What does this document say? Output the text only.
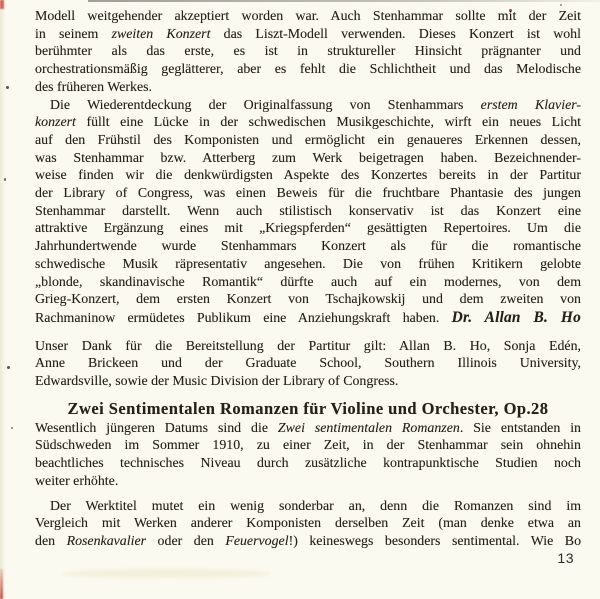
Modell weitgehender akzeptiert worden war. Auch Stenhammar sollte mit der Zeit
in seinem zweiten Konzert das Liszt-Modell verwenden. Dieses Konzert ist wohl
berühmter als das erste, es ist in struktureller Hinsicht prägnanter und
orchestrationsmäßig geglätterer, aber es fehlt die Schlichtheit und das Melodische
des früheren Werkes.
Die Wiederentdeckung der Originalfassung von Stenhammars erstem Klavier-
konzert füllt eine Lücke in der schwedischen Musikgeschichte, wirft ein neues Licht
auf den Frühstil des Komponisten und ermöglicht ein genaueres Erkennen dessen,
was Stenhammar bzw. Atterberg zum Werk beigetragen haben. Bezeichnender-
weise finden wir die denkwürdigsten Aspekte des Konzertes bereits in der Partitur
der Library of Congress, was einen Beweis für die fruchtbare Phantasie des jungen
Stenhammar darstellt. Wenn auch stilistisch konservativ ist das Konzert eine
attraktive Ergänzung eines mit „Kriegspferden“ gesättigten Repertoires. Um die
Jahrhundertwende wurde Stenhammars Konzert als für die romantische
schwedische Musik räpresentativ angesehen. Die von frühen Kritikern gelobte
„blonde, skandinavische Romantik“ dürfte auch auf ein modernes, von dem
Grieg-Konzert, dem ersten Konzert von Tschajkowskij und dem zweiten von
Rachmaninow ermüdetes Publikum eine Anziehungskraft haben. Dr. Allan B. Ho
Unser Dank für die Bereitstellung der Partitur gilt: Allan B. Ho, Sonja Edén,
Anne Brickeen und der Graduate School, Southern Illinois University,
Edwardsville, sowie der Music Division der Library of Congress.
Zwei Sentimentalen Romanzen für Violine und Orchester, Op.28
Wesentlich jüngeren Datums sind die Zwei sentimentalen Romanzen. Sie entstanden in
Südschweden im Sommer 1910, zu einer Zeit, in der Stenhammar sein ohnehin
beachtliches technisches Niveau durch zusätzliche kontrapunktische Studien noch
weiter erhöhte.
Der Werktitel mutet ein wenig sonderbar an, denn die Romanzen sind im
Vergleich mit Werken anderer Komponisten derselben Zeit (man denke etwa an
den Rosenkavalier oder den Feuervogel!) keineswegs besonders sentimental. Wie Bo
13
